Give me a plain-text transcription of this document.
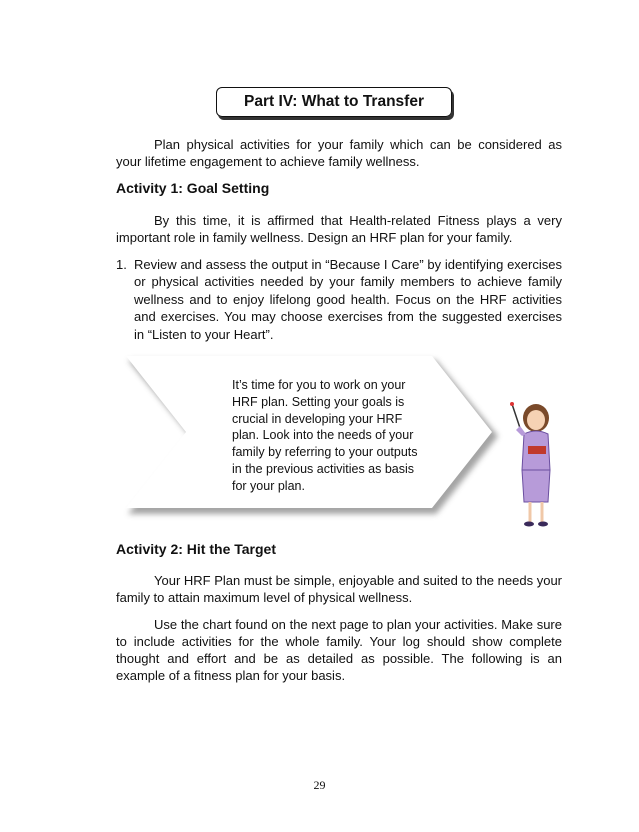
Part IV: What to Transfer

Plan physical activities for your family which can be considered as your lifetime engagement to achieve family wellness.

Activity 1: Goal Setting

By this time, it is affirmed that Health-related Fitness plays a very important role in family wellness. Design an HRF plan for your family.

1. Review and assess the output in “Because I Care” by identifying exercises or physical activities needed by your family members to achieve family wellness and to enjoy lifelong good health. Focus on the HRF activities and exercises. You may choose exercises from the suggested exercises in “Listen to your Heart”.
It’s time for you to work on your HRF plan. Setting your goals is crucial in developing your HRF plan. Look into the needs of your family by referring to your outputs in the previous activities as basis for your plan.

Activity 2: Hit the Target

Your HRF Plan must be simple, enjoyable and suited to the needs your family to attain maximum level of physical wellness.

Use the chart found on the next page to plan your activities. Make sure to include activities for the whole family. Your log should show complete thought and effort and be as detailed as possible. The following is an example of a fitness plan for your basis.

29
